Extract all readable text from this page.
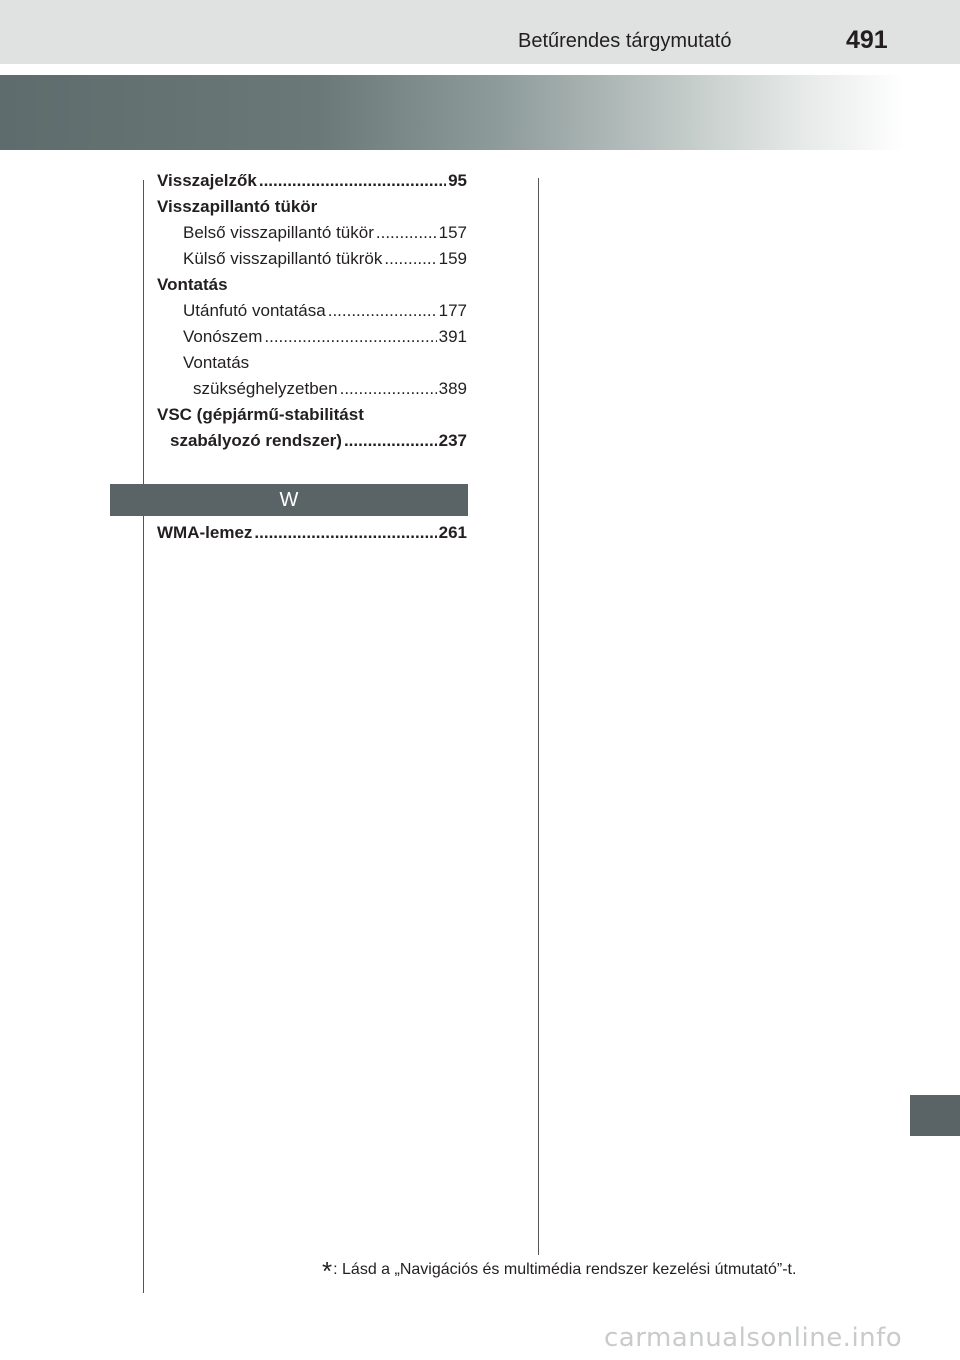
Betűrendes tárgymutató	491
Visszajelzők .....	95
Visszapillantó tükör
Belső visszapillantó tükör .....	157
Külső visszapillantó tükrök .....	159
Vontatás
Utánfutó vontatása .....	177
Vonószem .....	391
Vontatás
szükséghelyzetben .....	389
VSC (gépjármű-stabilitást
szabályozó rendszer) .....	237
W
WMA-lemez .....	261
*: Lásd a „Navigációs és multimédia rendszer kezelési útmutató”-t.
carmanualsonline.info
